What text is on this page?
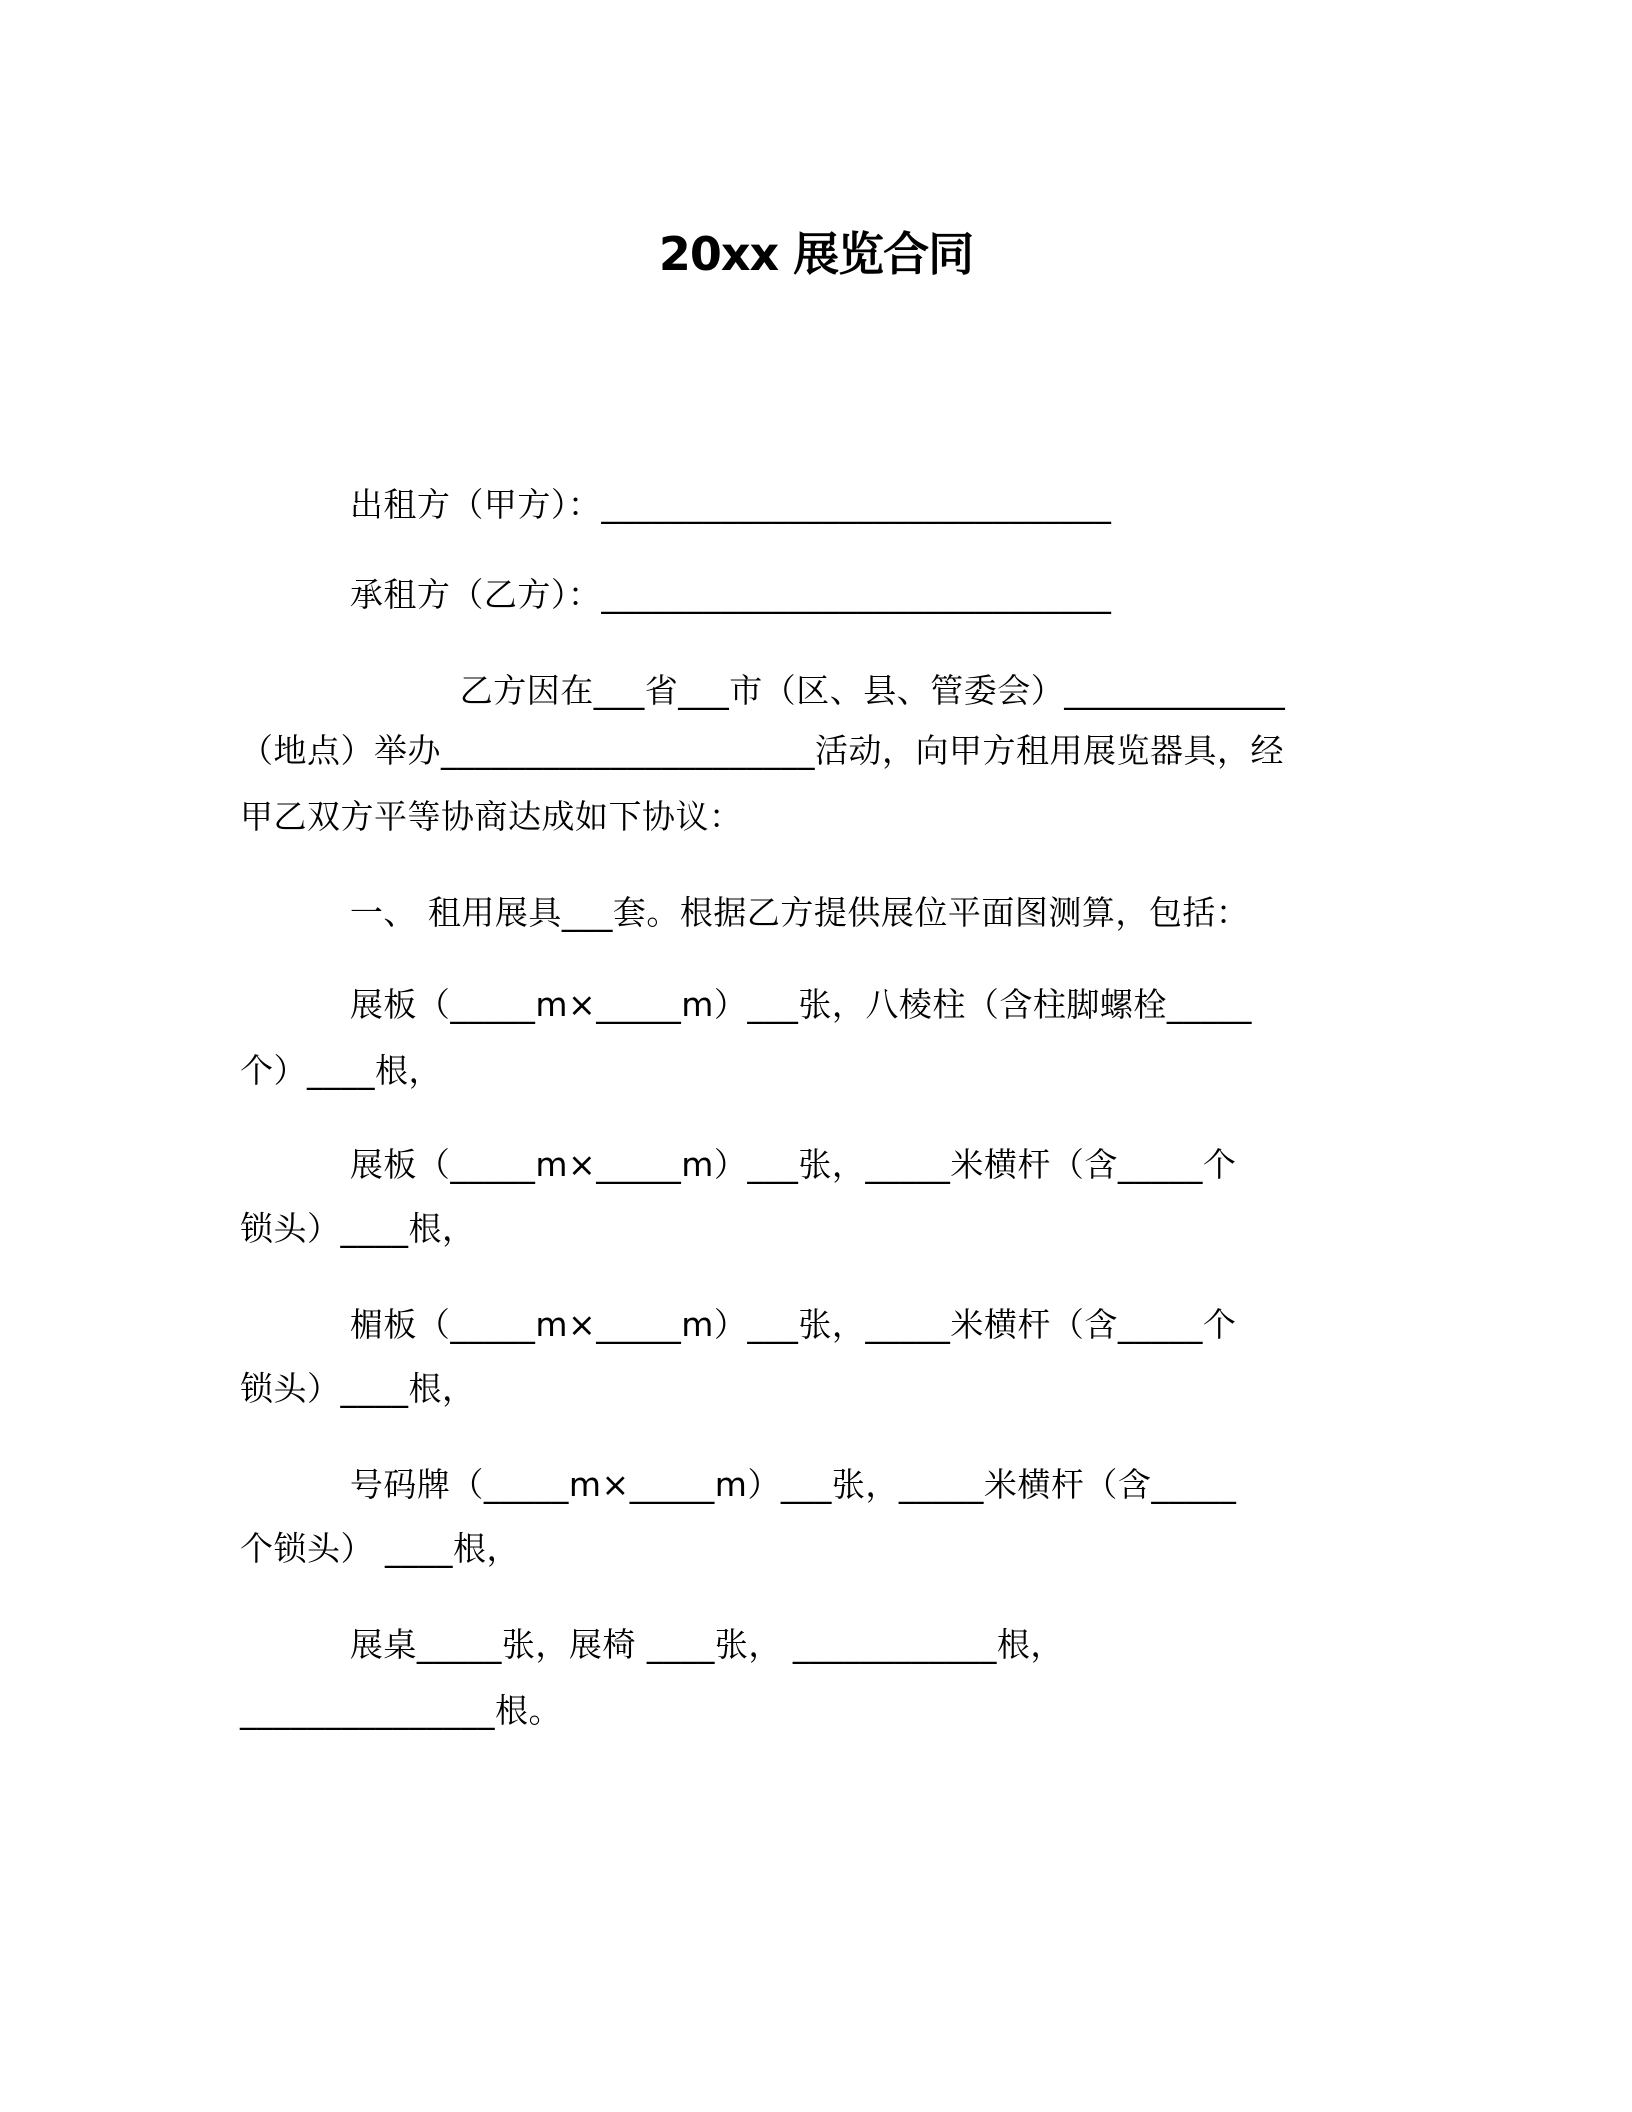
20xx 展览合同

出租方（甲方）：______________________________

承租方（乙方）：______________________________

乙方因在___省___市（区、县、管委会）_____________

（地点）举办______________________活动，向甲方租用展览器具，经

甲乙双方平等协商达成如下协议：

一、 租用展具___套。根据乙方提供展位平面图测算，包括：

展板（_____m×_____m）___张，八棱柱（含柱脚螺栓_____

个）____根，

展板（_____m×_____m）___张，_____米横杆（含_____个

锁头）____根，

楣板（_____m×_____m）___张，_____米横杆（含_____个

锁头）____根，

号码牌（_____m×_____m）___张，_____米横杆（含_____

个锁头） ____根，

展桌_____张，展椅 ____张， ____________根，

_______________根。
